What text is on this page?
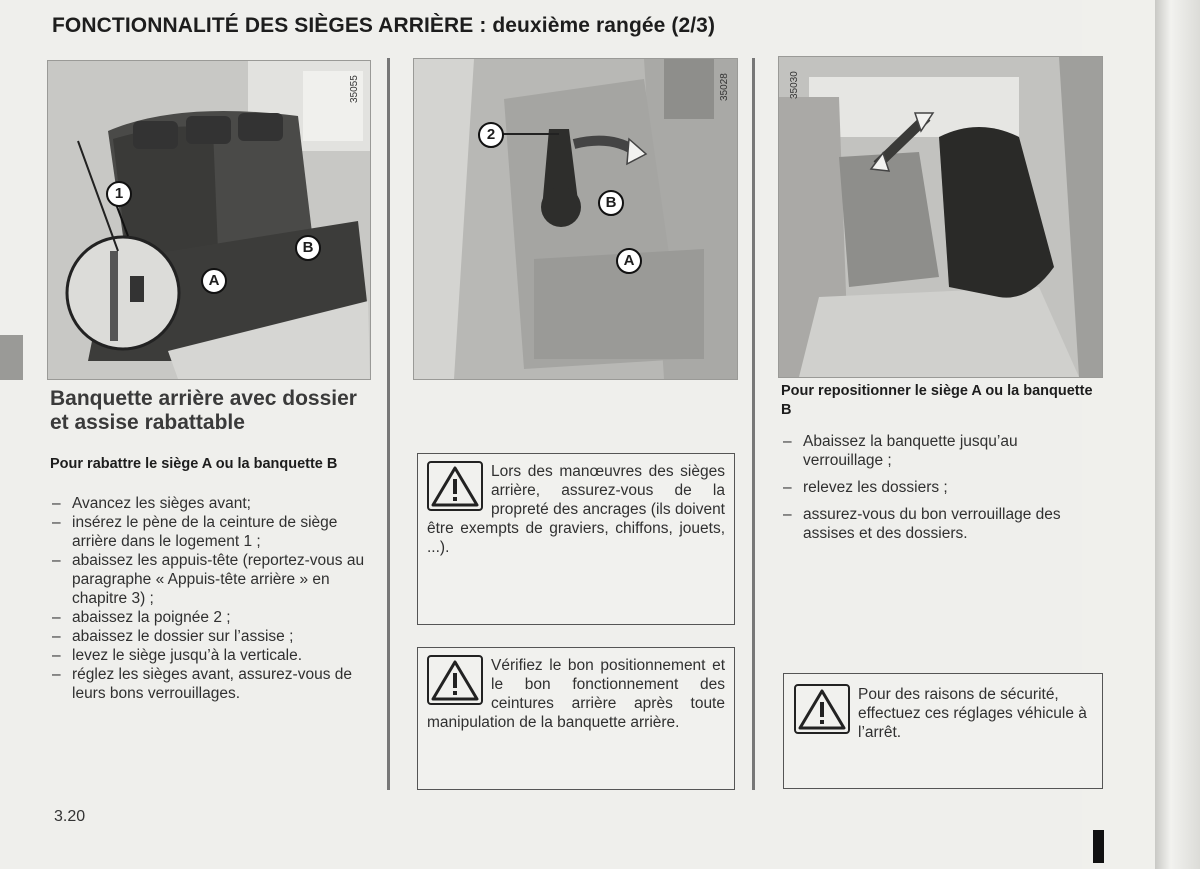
FONCTIONNALITÉ DES SIÈGES ARRIÈRE : deuxième rangée (2/3)
1
A
B
35055
2
B
A
35028	35030
Banquette arrière avec dossier et assise rabattable

Pour rabattre le siège A ou la banquette B

– Avancez les sièges avant;
– insérez le pène de la ceinture de siège arrière dans le logement 1 ;
– abaissez les appuis-tête (reportez-vous au paragraphe « Appuis-tête arrière » en chapitre 3) ;
– abaissez la poignée 2 ;
– abaissez le dossier sur l’assise ;
– levez le siège jusqu’à la verticale.
– réglez les sièges avant, assurez-vous de leurs bons verrouillages.

Lors des manœuvres des sièges arrière, assurez-vous de la propreté des ancrages (ils doivent être exempts de graviers, chiffons, jouets, ...).

Vérifiez le bon positionnement et le bon fonctionnement des ceintures arrière après toute manipulation de la banquette arrière.

Pour repositionner le siège A ou la banquette B

– Abaissez la banquette jusqu’au verrouillage ;
– relevez les dossiers ;
– assurez-vous du bon verrouillage des assises et des dossiers.

Pour des raisons de sécurité, effectuez ces réglages véhicule à l’arrêt.

3.20
